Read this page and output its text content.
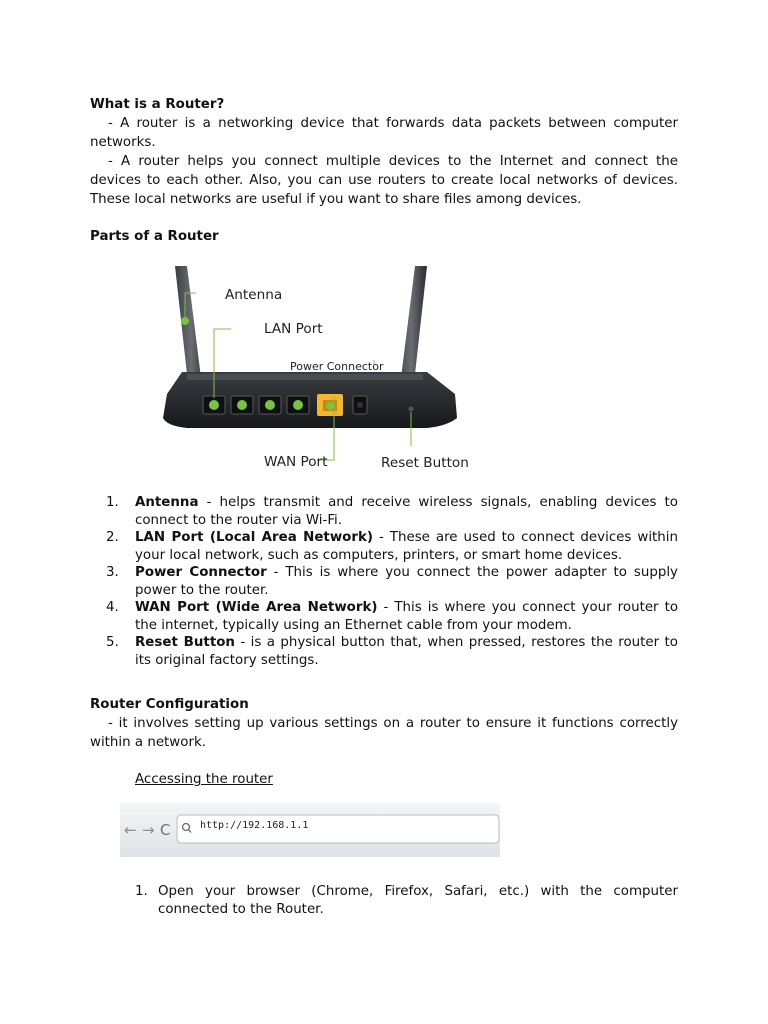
What is a Router?

- A router is a networking device that forwards data packets between computer networks.

- A router helps you connect multiple devices to the Internet and connect the devices to each other. Also, you can use routers to create local networks of devices. These local networks are useful if you want to share files among devices.

Parts of a Router

Antenna
LAN Port
Power Connector
WAN Port	Reset Button
1. Antenna - helps transmit and receive wireless signals, enabling devices to connect to the router via Wi-Fi.
2. LAN Port (Local Area Network) - These are used to connect devices within your local network, such as computers, printers, or smart home devices.
3. Power Connector - This is where you connect the power adapter to supply power to the router.
4. WAN Port (Wide Area Network) - This is where you connect your router to the internet, typically using an Ethernet cable from your modem.
5. Reset Button - is a physical button that, when pressed, restores the router to its original factory settings.

Router Configuration

- it involves setting up various settings on a router to ensure it functions correctly within a network.

Accessing the router
← → C	http://192.168.1.1
1. Open your browser (Chrome, Firefox, Safari, etc.) with the computer connected to the Router.
